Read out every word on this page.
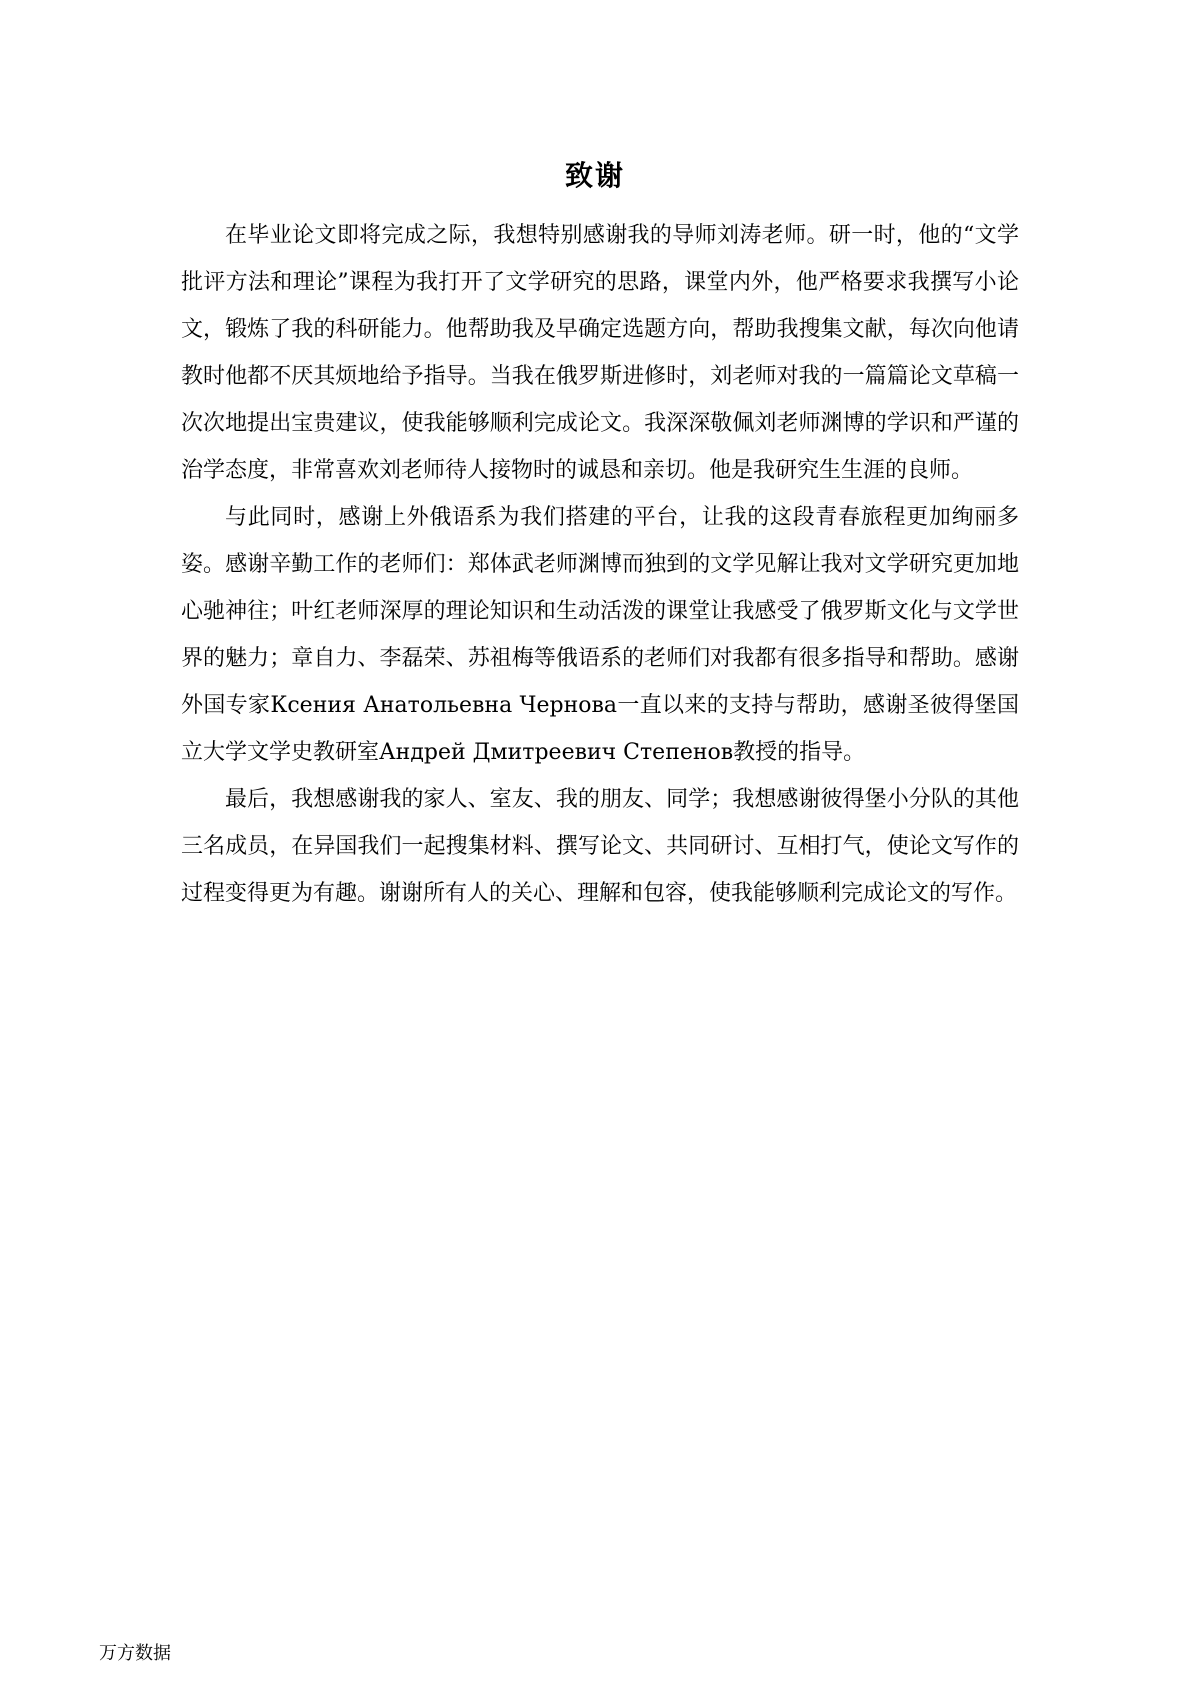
致谢

在毕业论文即将完成之际，我想特别感谢我的导师刘涛老师。研一时，他的“文学批评方法和理论”课程为我打开了文学研究的思路，课堂内外，他严格要求我撰写小论文，锻炼了我的科研能力。他帮助我及早确定选题方向，帮助我搜集文献，每次向他请教时他都不厌其烦地给予指导。当我在俄罗斯进修时，刘老师对我的一篇篇论文草稿一次次地提出宝贵建议，使我能够顺利完成论文。我深深敬佩刘老师渊博的学识和严谨的治学态度，非常喜欢刘老师待人接物时的诚恳和亲切。他是我研究生生涯的良师。

与此同时，感谢上外俄语系为我们搭建的平台，让我的这段青春旅程更加绚丽多姿。感谢辛勤工作的老师们：郑体武老师渊博而独到的文学见解让我对文学研究更加地心驰神往；叶红老师深厚的理论知识和生动活泼的课堂让我感受了俄罗斯文化与文学世界的魅力；章自力、李磊荣、苏祖梅等俄语系的老师们对我都有很多指导和帮助。感谢外国专家Ксения Анатольевна Чернова一直以来的支持与帮助，感谢圣彼得堡国立大学文学史教研室Андрей Дмитреевич Степенов教授的指导。

最后，我想感谢我的家人、室友、我的朋友、同学；我想感谢彼得堡小分队的其他三名成员，在异国我们一起搜集材料、撰写论文、共同研讨、互相打气，使论文写作的过程变得更为有趣。谢谢所有人的关心、理解和包容，使我能够顺利完成论文的写作。

万方数据
